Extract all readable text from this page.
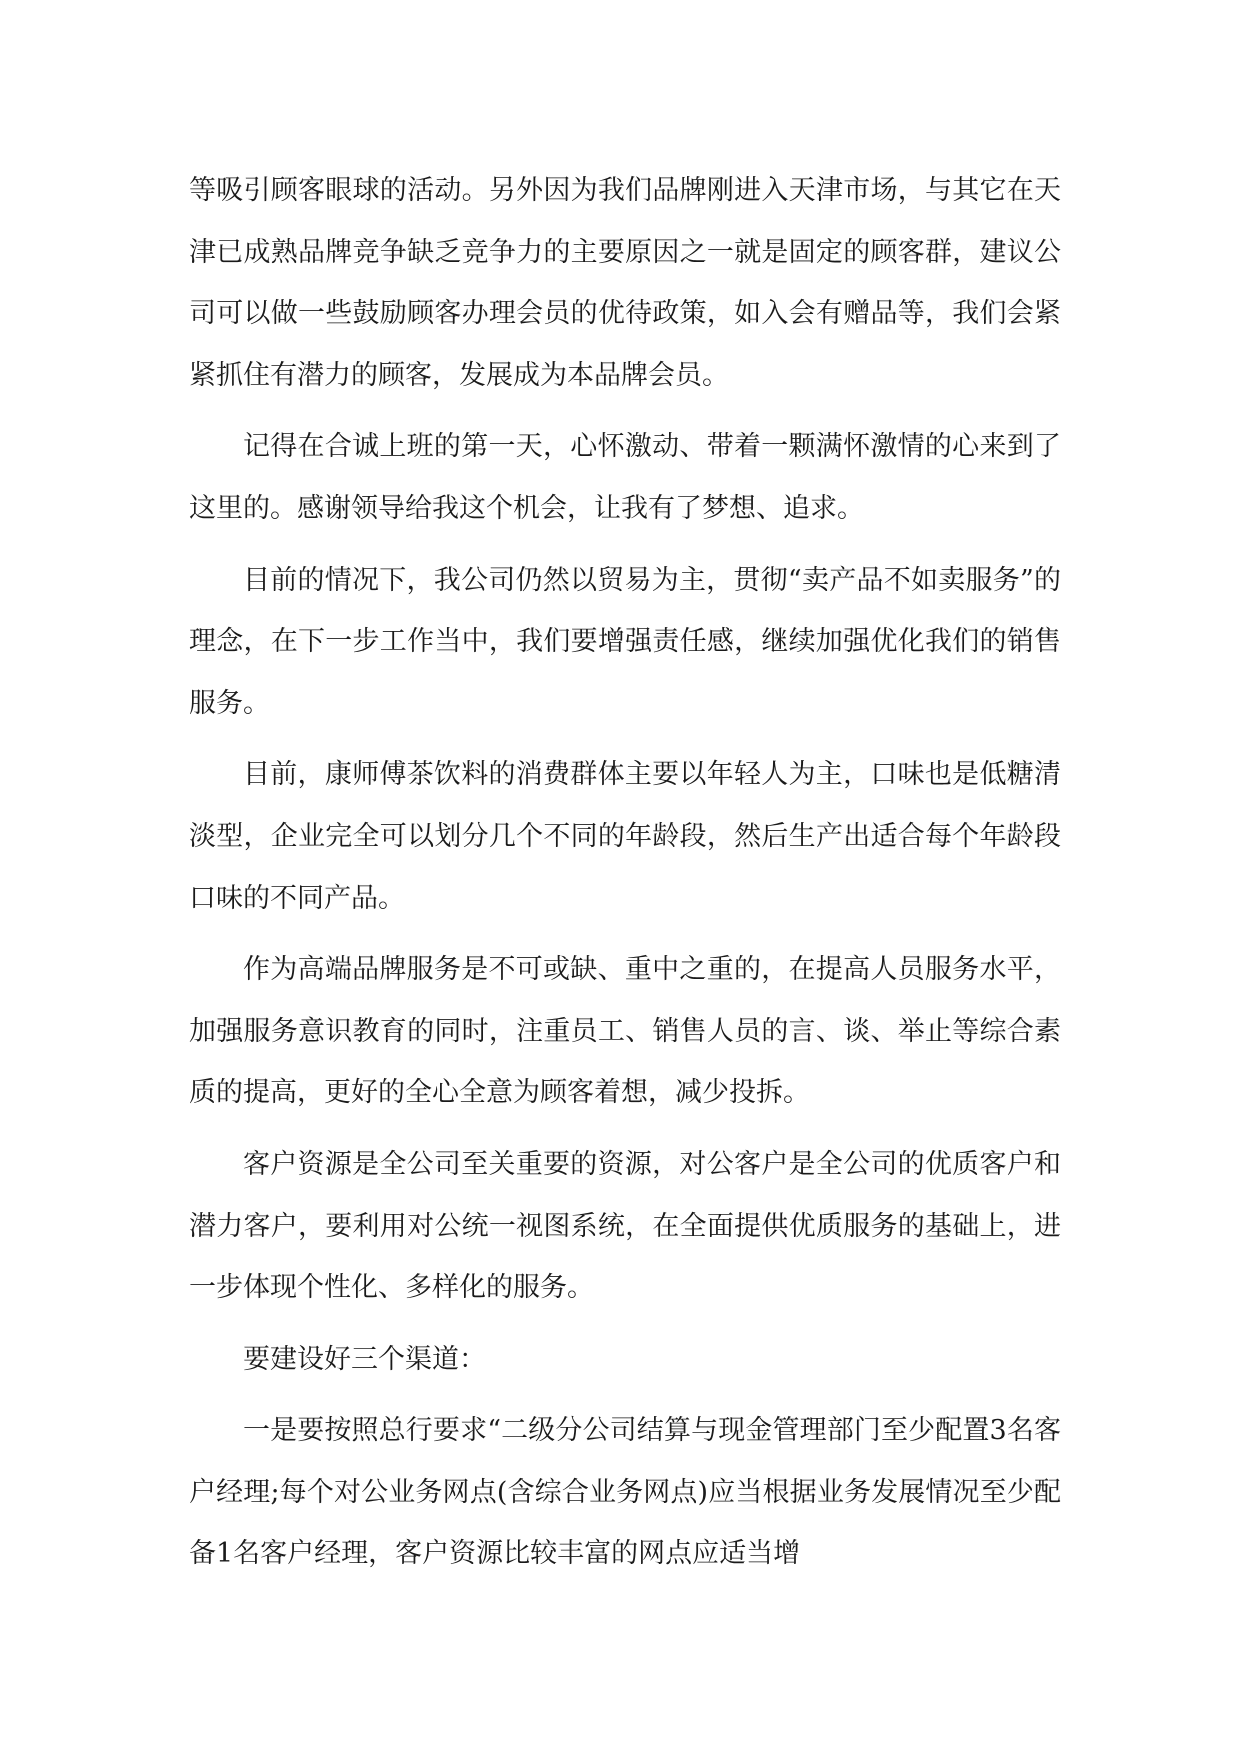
等吸引顾客眼球的活动。另外因为我们品牌刚进入天津市场，与其它在天津已成熟品牌竞争缺乏竞争力的主要原因之一就是固定的顾客群，建议公司可以做一些鼓励顾客办理会员的优待政策，如入会有赠品等，我们会紧紧抓住有潜力的顾客，发展成为本品牌会员。

记得在合诚上班的第一天，心怀激动、带着一颗满怀激情的心来到了这里的。感谢领导给我这个机会，让我有了梦想、追求。

目前的情况下，我公司仍然以贸易为主，贯彻“卖产品不如卖服务”的理念，在下一步工作当中，我们要增强责任感，继续加强优化我们的销售服务。

目前，康师傅茶饮料的消费群体主要以年轻人为主，口味也是低糖清淡型，企业完全可以划分几个不同的年龄段，然后生产出适合每个年龄段口味的不同产品。

作为高端品牌服务是不可或缺、重中之重的，在提高人员服务水平，加强服务意识教育的同时，注重员工、销售人员的言、谈、举止等综合素质的提高，更好的全心全意为顾客着想，减少投拆。

客户资源是全公司至关重要的资源，对公客户是全公司的优质客户和潜力客户，要利用对公统一视图系统，在全面提供优质服务的基础上，进一步体现个性化、多样化的服务。

要建设好三个渠道：

一是要按照总行要求“二级分公司结算与现金管理部门至少配置3名客户经理;每个对公业务网点(含综合业务网点)应当根据业务发展情况至少配备1名客户经理，客户资源比较丰富的网点应适当增
